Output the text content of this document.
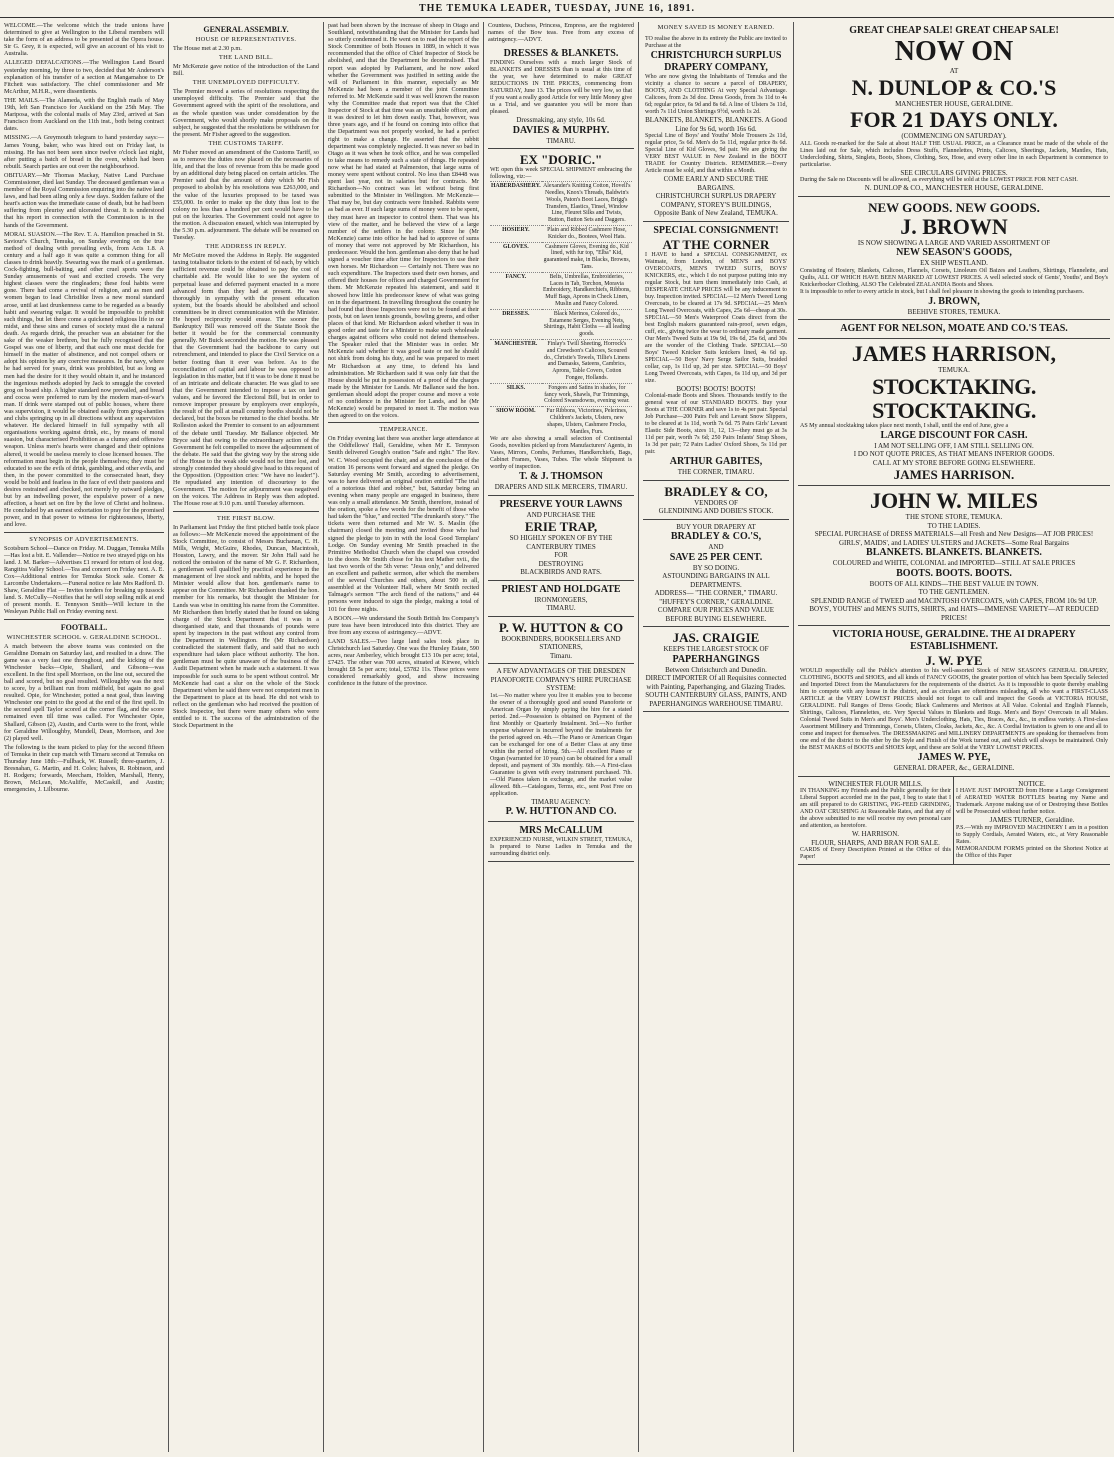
THE TEMUKA LEADER, TUESDAY, JUNE 16, 1891.

WELCOME.—The welcome which the trade unions have determined to give at Wellington to the Liberal members will take the form of an address to be presented at the Opera house. Sir G. Grey, it is expected, will give an account of his visit to Australia.

ALLEGED DEFALCATIONS.—The Wellington Land Board yesterday morning, by three to two, decided that Mr Anderson's explanation of his transfer of a section at Mangamahoe to Dr Fitchett was satisfactory. The chief commissioner and Mr McArthur, M.H.R., were dissentients.

THE MAILS.—The Alameda, with the English mails of May 19th, left San Francisco for Auckland on the 25th May. The Mariposa, with the colonial mails of May 23rd, arrived at San Francisco from Auckland on the 11th inst., both being contract dates.

MISSING.—A Greymouth telegram to hand yesterday says:—James Young, baker, who was hired out on Friday last, is missing. He has not been seen since twelve o'clock last night, after putting a batch of bread in the oven, which had been rebuilt. Search parties are out over the neighbourhood.

OBITUARY.—Mr Thomas Mackay, Native Land Purchase Commissioner, died last Sunday. The deceased gentleman was a member of the Royal Commission enquiring into the native land laws, and had been ailing only a few days. Sudden failure of the heart's action was the immediate cause of death, but he had been suffering from pleurisy and ulcerated throat. It is understood that his report in connection with the Commission is in the hands of the Government.

MORAL SUASION.—The Rev. T. A. Hamilton preached in St. Saviour's Church, Temuka, on Sunday evening on the true method of dealing with prevailing evils, from Acts 1.8. A century and a half ago it was quite a common thing for all classes to drink heavily. Swearing was the mark of a gentleman. Cock-fighting, bull-baiting, and other cruel sports were the Sunday amusements of vast and excited crowds. The very highest classes were the ringleaders; these foul habits were gone. There had come a revival of religion, and as men and women began to lead Christlike lives a new moral standard arose, until at last drunkenness came to be regarded as a beastly habit and swearing vulgar. It would be impossible to prohibit such things, but let there come a quickened religious life in our midst, and these sins and curses of society must die a natural death. As regards drink, the preacher was an abstainer for the sake of the weaker brethren, but he fully recognised that the Gospel was one of liberty, and that each one must decide for himself in the matter of abstinence, and not compel others or adopt his opinion by any coercive measures. In the navy, where he had served for years, drink was prohibited, but as long as men had the desire for it they would obtain it, and he instanced the ingenious methods adopted by Jack to smuggle the coveted grog on board ship. A higher standard now prevailed, and bread and cocoa were preferred to rum by the modern man-of-war's man. If drink were stamped out of public houses, where there was supervision, it would be obtained easily from grog-shanties and clubs springing up in all directions without any supervision whatever. He declared himself in full sympathy with all organisations working against drink, etc., by means of moral suasion, but characterised Prohibition as a clumsy and offensive weapon. Unless men's hearts were changed and their opinions altered, it would be useless merely to close licensed houses. The reformation must begin in the people themselves; they must be educated to see the evils of drink, gambling, and other evils, and then, in the power committed to the consecrated heart, they would be bold and fearless in the face of evil their passions and desires restrained and checked, not merely by outward pledges, but by an indwelling power, the expulsive power of a new affection, a heart set on fire by the love of Christ and holiness. He concluded by an earnest exhortation to pray for the promised power, and in that power to witness for righteousness, liberty, and love.

SYNOPSIS OF ADVERTISEMENTS.

Scotsburn School—Dance on Friday. M. Duggan, Temuka Mills—Has lost a bit. E. Vallender—Notice re two strayed pigs on his land. J. M. Barker—Advertises £1 reward for return of lost dog. Rangitira Valley School.—Tea and concert on Friday next. A. E. Cox—Additional entries for Temuka Stock sale. Comer & Larcombe Undertakers.—Funeral notice re late Mrs Radford. D. Shaw, Geraldine Flat — Invites tenders for breaking up tussock land. S. McCully—Notifies that he will stop selling milk at end of present month. E. Tennyson Smith—Will lecture in the Wesleyan Public Hall on Friday evening next.

FOOTBALL.
WINCHESTER SCHOOL v. GERALDINE SCHOOL.

A match between the above teams was contested on the Geraldine Domain on Saturday last, and resulted in a draw. The game was a very fast one throughout, and the kicking of the Winchester backs—Opie, Shallard, and Gibsons—was excellent. In the first spell Morrison, on the line out, secured the ball and scored, but no goal resulted. Willoughby was the next to score, by a brilliant run from midfield, but again no goal resulted. Opie, for Winchester, potted a neat goal, thus leaving Winchester one point to the good at the end of the first spell. In the second spell Taylor scored at the corner flag, and the score remained even till time was called. For Winchester Opie, Shallard, Gibson (2), Austin, and Curtis were to the front, while for Geraldine Willoughby, Mundell, Dean, Morrison, and Joe (2) played well.

The following is the team picked to play for the second fifteen of Temuka in their cup match with Timaru second at Temuka on Thursday June 18th:—Fullback, W. Russell; three-quarters, J. Bresnahan, G. Martin, and H. Coles; halves, R. Robinson, and H. Rodgers; forwards, Meecham, Holden, Marshall, Henry, Brown, McLean, McAuliffe, McCaskill, and Austin; emergencies, J. Lilbourne.

GENERAL ASSEMBLY.
HOUSE OF REPRESENTATIVES.

The House met at 2.30 p.m.

THE LAND BILL.

Mr McKenzie gave notice of the introduction of the Land Bill.

THE UNEMPLOYED DIFFICULTY.

The Premier moved a series of resolutions respecting the unemployed difficulty. The Premier said that the Government agreed with the spirit of the resolutions, and as the whole question was under consideration by the Government, who would shortly make proposals on the subject, he suggested that the resolutions be withdrawn for the present. Mr Fisher agreed to the suggestion.

THE CUSTOMS TARIFF.

Mr Fisher moved an amendment of the Customs Tariff, so as to remove the duties now placed on the necessaries of life, and that the loss of revenue from this be made good by an additional duty being placed on certain articles. The Premier said that the amount of duty which Mr Fish proposed to abolish by his resolutions was £263,000, and the value of the luxuries proposed to be taxed was £55,000. In order to make up the duty thus lost to the colony no less than a hundred per cent would have to be put on the luxuries. The Government could not agree to the motion. A discussion ensued, which was interrupted by the 5.30 p.m. adjournment. The debate will be resumed on Tuesday.

THE ADDRESS IN REPLY.

Mr McGuire moved the Address in Reply. He suggested taxing totalisator tickets to the extent of 6d each, by which sufficient revenue could be obtained to pay the cost of charitable aid. He would like to see the system of perpetual lease and deferred payment enacted in a more advanced form than they had at present. He was thoroughly in sympathy with the present education system, but the boards should be abolished and school committees be in direct communication with the Minister. He hoped reciprocity would ensue. The sooner the Bankruptcy Bill was removed off the Statute Book the better it would be for the commercial community generally. Mr Buick seconded the motion. He was pleased that the Government had the backbone to carry out retrenchment, and intended to place the Civil Service on a better footing than it ever was before. As to the reconciliation of capital and labour he was opposed to legislation in this matter, but if it was to be done it must be of an intricate and delicate character. He was glad to see that the Government intended to impose a tax on land values, and he favored the Electoral Bill, but in order to remove improper pressure by employers over employés, the result of the poll at small country booths should not be declared, but the boxes be returned to the chief booths. Mr Rolleston asked the Premier to consent to an adjournment of the debate until Tuesday. Mr Ballance objected. Mr Bryce said that owing to the extraordinary action of the Government he felt compelled to move the adjournment of the debate. He said that the giving way by the strong side of the House to the weak side would not be time lost, and strongly contended they should give head to this request of the Opposition. (Opposition cries: "We have no leader!"). He repudiated any intention of discourtesy to the Government. The motion for adjournment was negatived on the voices. The Address in Reply was then adopted. The House rose at 9.10 p.m. until Tuesday afternoon.

THE FIRST BLOW.

In Parliament last Friday the first pitched battle took place as follows:—Mr McKenzie moved the appointment of the Stock Committee, to consist of Messrs Buchanan, C. H. Mills, Wright, McGuire, Rhodes, Duncan, Macintosh, Houston, Lawry, and the mover. Sir John Hall said he noticed the omission of the name of Mr G. F. Richardson, a gentleman well qualified by practical experience in the management of live stock and rabbits, and he hoped the Minister would allow that hon. gentleman's name to appear on the Committee. Mr Richardson thanked the hon. member for his remarks, but thought the Minister for Lands was wise in omitting his name from the Committee. Mr Richardson then briefly stated that he found on taking charge of the Stock Department that it was in a disorganised state, and that thousands of pounds were spent by inspectors in the past without any control from the Department in Wellington. He (Mr Richardson) contradicted the statement flatly, and said that no such expenditure had taken place without authority. The hon. gentleman must be quite unaware of the business of the Audit Department when he made such a statement. It was impossible for such sums to be spent without control. Mr McKenzie had cast a slur on the whole of the Stock Department when he said there were not competent men in the Department to place at its head. He did not wish to reflect on the gentleman who had received the position of Stock Inspector, but there were many others who were entitled to it. The success of the administration of the Stock Department in the

past had been shown by the increase of sheep in Otago and Southland, notwithstanding that the Minister for Lands had so utterly condemned it. He went on to read the report of the Stock Committee of both Houses in 1889, in which it was recommended that the office of Chief Inspector of Stock be abolished, and that the Department be decentralised. That report was adopted by Parliament, and he now asked whether the Government was justified in setting aside the will of Parliament in this manner, especially as Mr McKenzie had been a member of the joint Committee referred to. Mr McKenzie said it was well known the reason why the Committee made that report was that the Chief Inspector of Stock at that time was an unsuitable officer, and it was desired to let him down easily. That, however, was three years ago, and if he found on coming into office that the Department was not properly worked, he had a perfect right to make a change. He asserted that the rabbit department was completely neglected. It was never so bad in Otago as it was when he took office, and he was compelled to take means to remedy such a state of things. He repeated now what he had stated at Palmerston, that large sums of money were spent without control. No less than £8448 was spent last year, not in salaries but for contracts. Mr Richardson—No contract was let without being first submitted to the Minister in Wellington. Mr McKenzie—That may be, but day contracts were finished. Rabbits were as bad as ever. If such large sums of money were to be spent, they must have an inspector to control them. That was his view of the matter, and he believed the view of a large number of the settlers in the colony. Since he (Mr McKenzie) came into office he had had to approve of sums of money that were not approved by Mr Richardson, his predecessor. Would the hon. gentleman also deny that he had signed a voucher time after time for Inspectors to use their own horses. Mr Richardson — Certainly not. There was no such expenditure. The Inspectors used their own horses, and offered their houses for offices and charged Government for them. Mr McKenzie repeated his statement, and said it showed how little his predecessor knew of what was going on in the department. In travelling throughout the country he had found that those Inspectors were not to be found at their posts, but on lawn tennis grounds, bowling greens, and other places of that kind. Mr Richardson asked whether it was in good order and taste for a Minister to make such wholesale charges against officers who could not defend themselves. The Speaker ruled that the Minister was in order. Mr McKenzie said whether it was good taste or not he should not shirk from doing his duty, and he was prepared to meet Mr Richardson at any time, to defend his land administration. Mr Richardson said it was only fair that the House should be put in possession of a proof of the charges made by the Minister for Lands. Mr Ballance said the hon. gentleman should adopt the proper course and move a vote of no confidence in the Minister for Lands, and he (Mr McKenzie) would be prepared to meet it. The motion was then agreed to on the voices.

TEMPERANCE.

On Friday evening last there was another large attendance at the Oddfellows' Hall, Geraldine, when Mr E. Tennyson Smith delivered Gough's oration "Safe and right." The Rev. W. C. Wood occupied the chair, and at the conclusion of the oration 16 persons went forward and signed the pledge. On Saturday evening Mr Smith, according to advertisement, was to have delivered an original oration entitled "The trial of a notorious thief and robber," but, Saturday being an evening when many people are engaged in business, there was only a small attendance. Mr Smith, therefore, instead of the oration, spoke a few words for the benefit of those who had taken the "blue," and recited "The drunkard's story." The tickets were then returned and Mr W. S. Maslin (the chairman) closed the meeting and invited those who had signed the pledge to join in with the local Good Templars' Lodge. On Sunday evening Mr Smith preached in the Primitive Methodist Church when the chapel was crowded to the doors. Mr Smith chose for his text Mather xvii., the last two words of the 5th verse: "Jesus only," and delivered an excellent and pathetic sermon, after which the members of the several Churches and others, about 500 in all, assembled at the Volunteer Hall, where Mr Smith recited Talmage's sermon "The arch fiend of the nations," and 44 persons were induced to sign the pledge, making a total of 101 for three nights.

A BOON.—We understand the South British Ins Company's pure teas have been introduced into this district. They are free from any excess of astringency.—ADVT.

LAND SALES.—Two large land sales took place in Christchurch last Saturday. One was the Hursley Estate, 590 acres, near Amberley, which brought £13 10s per acre; total, £7425. The other was 700 acres, situated at Kirwee, which brought £8 5s per acre; total, £5782 11s. These prices were considered remarkably good, and show increasing confidence in the future of the province.

Countess, Duchess, Princess, Empress, are the registered names of the Bow teas. Free from any excess of astringency.—ADVT.

DRESSES & BLANKETS.

FINDING Ourselves with a much larger Stock of BLANKETS and DRESSES than is usual at this time of the year, we have determined to make GREAT REDUCTIONS IN THE PRICES, commencing from SATURDAY, June 13. The prices will be very low, so that if you want a really good Article for very little Money give us a Trial, and we guarantee you will be more than pleased.

Dressmaking, any style, 10s 6d.
DAVIES & MURPHY.
TIMARU.
EX "DORIC."

WE open this week SPECIAL SHIPMENT embracing the following, viz:—

HABERDASHERY.	Alexander's Knitting Cotton, Hovell's Needles, Knox's Threads, Baldwin's Wools, Paton's Boot Laces, Brigg's Transfers, Elastics, Tinsel, Window Line, Fleuret Silks and Twists, Button, Button Sets and Daggers.
HOSIERY.	Plain and Ribbed Cashmere Hose, Knicker do., Bootees, Wool Hats.
GLOVES.	Cashmere Gloves, Evening do., Kid lined, with fur top, "Elba" Kid, guaranteed make, in Blacks, Browns, Tans.
FANCY.	Belts, Umbrellas, Embroideries, Laces in Tab, Torchon, Moravia Embroidery, Handkerchiefs, Ribbons, Muff Bags, Aprons in Check Linen, Muslin and Fancy Colored.
DRESSES.	Black Merinos, Colored do., Estamene Serges, Evening Nets, Shirtings, Habit Cloths — all leading goods.
MANCHESTER.	Finlay's Twill Sheeting, Horrock's and Crewdson's Calicoes, Scoured do., Christie's Towels, Tillie's Linens and Damasks, Sateens, Cambrics, Aprons, Table Covers, Cotton Fongee, Hollands.
SILKS.	Fongees and Satins in shades, for fancy work, Shawls, Fur Trimmings, Colored Swansdowns, evening wear.
SHOW ROOM.	Fur Ribbons, Victorines, Pelerines, Children's Jackets, Ulsters, new shapes, Ulsters, Cashmere Frocks, Mantles, Furs.

We are also showing a small selection of Continental Goods, novelties picked up from Manufacturers' Agents, in Vases, Mirrors, Combs, Perfumes, Handkerchiefs, Bags, Cabinet Frames, Vases, Tubes. The whole Shipment is worthy of inspection.

T. & J. THOMSON
DRAPERS AND SILK MERCERS, TIMARU.
PRESERVE YOUR LAWNS
AND PURCHASE THE
ERIE TRAP,
SO HIGHLY SPOKEN OF BY THE
CANTERBURY TIMES
FOR
DESTROYING
BLACKBIRDS AND RATS.
PRIEST AND HOLDGATE
IRONMONGERS,
TIMARU.
P. W. HUTTON & CO
BOOKBINDERS, BOOKSELLERS AND STATIONERS,
Timaru.
A FEW ADVANTAGES OF THE DRESDEN PIANOFORTE COMPANY'S HIRE PURCHASE SYSTEM:

1st.—No matter where you live it enables you to become the owner of a thoroughly good and sound Pianoforte or American Organ by simply paying the hire for a stated period. 2nd.—Possession is obtained on Payment of the first Monthly or Quarterly Instalment. 3rd.—No further expense whatever is incurred beyond the instalments for the period agreed on. 4th.—The Piano or American Organ can be exchanged for one of a Better Class at any time within the period of hiring. 5th.—All excellent Piano or Organ (warranted for 10 years) can be obtained for a small deposit, and payment of 30s monthly. 6th.—A First-class Guarantee is given with every instrument purchased. 7th.—Old Pianos taken in exchange, and the market value allowed. 8th.—Catalogues, Terms, etc., sent Post Free on application.

TIMARU AGENCY:
P. W. HUTTON AND CO.
MRS McCALLUM

EXPERIENCED NURSE, WILKIN STREET, TEMUKA, Is prepared to Nurse Ladies in Temuka and the surrounding district only.

MONEY SAVED IS MONEY EARNED.

TO realise the above in its entirety the Public are invited to Purchase at the

CHRISTCHURCH SURPLUS DRAPERY COMPANY,

Who are now giving the Inhabitants of Temuka and the vicinity a chance to secure a parcel of DRAPERY, BOOTS, AND CLOTHING At very Special Advantage. Calicoes, from 2s 3d doz. Dress Goods, from 3s 11d to 4s 6d; regular price, 6s 9d and 8s 6d. A line of Ulsters 3s 11d, worth 7s 11d Union Shirtings 9½d, worth 1s 2d.

BLANKETS, BLANKETS, BLANKETS. A Good Line for 9s 6d, worth 16s 6d.

Special Line of Boys' and Youths' Mole Trousers 2s 11d, regular price, 5s 6d. Men's do 5s 11d, regular price 8s 6d. Special Line of Kid Gloves, 9d pair. We are giving the VERY BEST VALUE in New Zealand in the BOOT TRADE for Country Districts. REMEMBER.—Every Article must be sold, and that within a Month.

COME EARLY AND SECURE THE BARGAINS.
CHRISTCHURCH SURPLUS DRAPERY COMPANY, STOREY'S BUILDINGS,
Opposite Bank of New Zealand, TEMUKA.
SPECIAL CONSIGNMENT!
AT THE CORNER

I HAVE to hand a SPECIAL CONSIGNMENT, ex Waimate, from London, of MEN'S and BOYS' OVERCOATS, MEN'S TWEED SUITS, BOYS' KNICKERS, etc., which I do not purpose putting into my regular Stock, but turn them immediately into Cash, at DESPERATE CHEAP PRICES will be any inducement to buy. Inspection invited. SPECIAL—12 Men's Tweed Long Overcoats, to be cleared at 17s 9d. SPECIAL—25 Men's Long Tweed Overcoats, with Capes, 25s 6d—cheap at 30s. SPECIAL—50 Men's Waterproof Coats direct from the best English makers guaranteed rain-proof, sewn edges, cuff, etc., giving twice the wear to ordinary made garment. Our Men's Tweed Suits at 19s 9d, 19s 6d, 25s 6d, and 30s are the wonder of the Clothing Trade. SPECIAL—50 Boys' Tweed Knicker Suits knickers lined, 4s 6d up. SPECIAL—50 Boys' Navy Serge Sailor Suits, braided collar, cap, 1s 11d up, 2d per size. SPECIAL—50 Boys' Long Tweed Overcoats, with Capes, 6s 11d up, and 3d per size.

BOOTS! BOOTS! BOOTS!

Colonial-made Boots and Shoes. Thousands testify to the general wear of our STANDARD BOOTS. Buy your Boots at THE CORNER and save 1s to 4s per pair. Special Job Purchase—200 Pairs Felt and Levant Snow Slippers, to be cleared at 1s 11d, worth 7s 6d. 75 Pairs Girls' Levant Elastic Side Boots, sizes 11, 12, 13—they must go at 3s 11d per pair, worth 7s 6d; 250 Pairs Infants' Strap Shoes, 1s 3d per pair; 72 Pairs Ladies' Oxford Shoes, 5s 11d per pair.

ARTHUR GABITES,
THE CORNER, TIMARU.
BRADLEY & CO,
VENDORS OF
GLENDINING AND DOBIE'S STOCK.
BUY YOUR DRAPERY AT
BRADLEY & CO.'S,
AND
SAVE 25 PER CENT.
BY SO DOING.
ASTOUNDING BARGAINS IN ALL DEPARTMENTS.
ADDRESS— "THE CORNER," TIMARU. "HUFFEY'S CORNER," GERALDINE.
COMPARE OUR PRICES AND VALUE BEFORE BUYING ELSEWHERE.
JAS. CRAIGIE
KEEPS THE LARGEST STOCK OF
PAPERHANGINGS
Between Christchurch and Dunedin.
DIRECT IMPORTER Of all Requisites connected with Painting, Paperhanging, and Glazing Trades.
SOUTH CANTERBURY GLASS, PAINTS, AND PAPERHANGINGS WAREHOUSE TIMARU.
GREAT CHEAP SALE! GREAT CHEAP SALE!
NOW ON
AT
N. DUNLOP & CO.'S
MANCHESTER HOUSE, GERALDINE.
FOR 21 DAYS ONLY.
(COMMENCING ON SATURDAY).

ALL Goods re-marked for the Sale at about HALF THE USUAL PRICE, as a Clearance must be made of the whole of the Lines laid out for Sale, which includes Dress Stuffs, Flannelettes, Prints, Calicoes, Sheetings, Jackets, Mantles, Hats, Underclothing, Shirts, Singlets, Boots, Shoes, Clothing, Sox, Hose, and every other line in each Department is commence to particularise.

SEE CIRCULARS GIVING PRICES.

During the Sale no Discounts will be allowed, as everything will be sold at the LOWEST PRICE FOR NET CASH.

N. DUNLOP & CO., MANCHESTER HOUSE, GERALDINE.
NEW GOODS. NEW GOODS.
J. BROWN
IS NOW SHOWING A LARGE AND VARIED ASSORTMENT OF
NEW SEASON'S GOODS,
EX SHIP WESTLAND.

Consisting of Hosiery, Blankets, Calicoes, Flannels, Corsets, Linoleum Oil Baizes and Leathers, Shirtings, Flannelette, and Quilts, ALL OF WHICH HAVE BEEN MARKED AT LOWEST PRICES. A well selected stock of Gents', Youths', and Boy's Knickerbocker Clothing, ALSO The Celebrated ZEALANDIA Boots and Shoes.

It is impossible to refer to every article in stock, but I shall feel pleasure in showing the goods to intending purchasers.

J. BROWN,
BEEHIVE STORES, TEMUKA.
AGENT FOR NELSON, MOATE AND CO.'S TEAS.
JAMES HARRISON,
TEMUKA.
STOCKTAKING. STOCKTAKING.

AS My annual stocktaking takes place next month, I shall, until the end of June, give a

LARGE DISCOUNT FOR CASH.
I AM NOT SELLING OFF, I AM STILL SELLING ON.
I DO NOT QUOTE PRICES, AS THAT MEANS INFERIOR GOODS.
CALL AT MY STORE BEFORE GOING ELSEWHERE.
JAMES HARRISON.
JOHN W. MILES
THE STONE STORE, TEMUKA.
TO THE LADIES.
SPECIAL PURCHASE of DRESS MATERIALS—all Fresh and New Designs—AT JOB PRICES!
GIRLS', MAIDS', and LADIES' ULSTERS and JACKETS—Some Real Bargains
BLANKETS. BLANKETS. BLANKETS.
COLOURED and WHITE, COLONIAL and IMPORTED—STILL AT SALE PRICES
BOOTS. BOOTS. BOOTS.
BOOTS OF ALL KINDS—THE BEST VALUE IN TOWN.
TO THE GENTLEMEN.
SPLENDID RANGE of TWEED and MACINTOSH OVERCOATS, with CAPES, FROM 10s 9d UP.
BOYS', YOUTHS' and MEN'S SUITS, SHIRTS, and HATS—IMMENSE VARIETY—AT REDUCED PRICES!
VICTORIA HOUSE, GERALDINE. THE AI DRAPERY ESTABLISHMENT.
J. W. PYE

WOULD respectfully call the Public's attention to his well-assorted Stock of NEW SEASON'S GENERAL DRAPERY, CLOTHING, BOOTS and SHOES, and all kinds of FANCY GOODS, the greater portion of which has been Specially Selected and Imported Direct from the Manufacturers for the requirements of the district. As it is impossible to quote thereby enabling him to compete with any house in the district, and as circulars are oftentimes misleading, all who want a FIRST-CLASS ARTICLE at the VERY LOWEST PRICES should not forget to call and inspect the Goods at VICTORIA HOUSE, GERALDINE. Full Ranges of Dress Goods; Black Cashmeres and Merinos at All Value. Colonial and English Flannels, Shirtings, Calicoes, Flannelettes, etc. Very Special Values in Blankets and Rugs. Men's and Boys' Overcoats in all Makes. Colonial Tweed Suits in Men's and Boys'. Men's Underclothing, Hats, Ties, Braces, &c., &c., in endless variety. A First-class Assortment Millinery and Trimmings, Corsets, Ulsters, Cloaks, Jackets, &c., &c. A Cordial Invitation is given to one and all to come and inspect for themselves. The DRESSMAKING and MILLINERY DEPARTMENTS are speaking for themselves from one end of the district to the other by the Style and Finish of the Work turned out, and which will always be maintained. Only the BEST MAKES of BOOTS and SHOES kept, and these are Sold at the VERY LOWEST PRICES.

JAMES W. PYE,
GENERAL DRAPER, &c., GERALDINE.
WINCHESTER FLOUR MILLS.

IN THANKING my Friends and the Public generally for their Liberal Support accorded me in the past, I beg to state that I am still prepared to do GRISTING, PIG-FEED GRINDING, AND OAT CRUSHING At Reasonable Rates, and that any of the above submitted to me will receive my own personal care and attention, as heretofore.

W. HARRISON.
FLOUR, SHARPS, AND BRAN FOR SALE.

CARDS of Every Description Printed at the Office of this Paper!

NOTICE.

I HAVE JUST IMPORTED from Home a Large Consignment of AERATED WATER BOTTLES bearing my Name and Trademark. Anyone making use of or Destroying these Bottles will be Prosecuted without further notice.

JAMES TURNER, Geraldine.

P.S.—With my IMPROVED MACHINERY I am in a position to Supply Cordials, Aerated Waters, etc., at Very Reasonable Rates.

MEMORANDUM FORMS printed on the Shortest Notice at the Office of this Paper
